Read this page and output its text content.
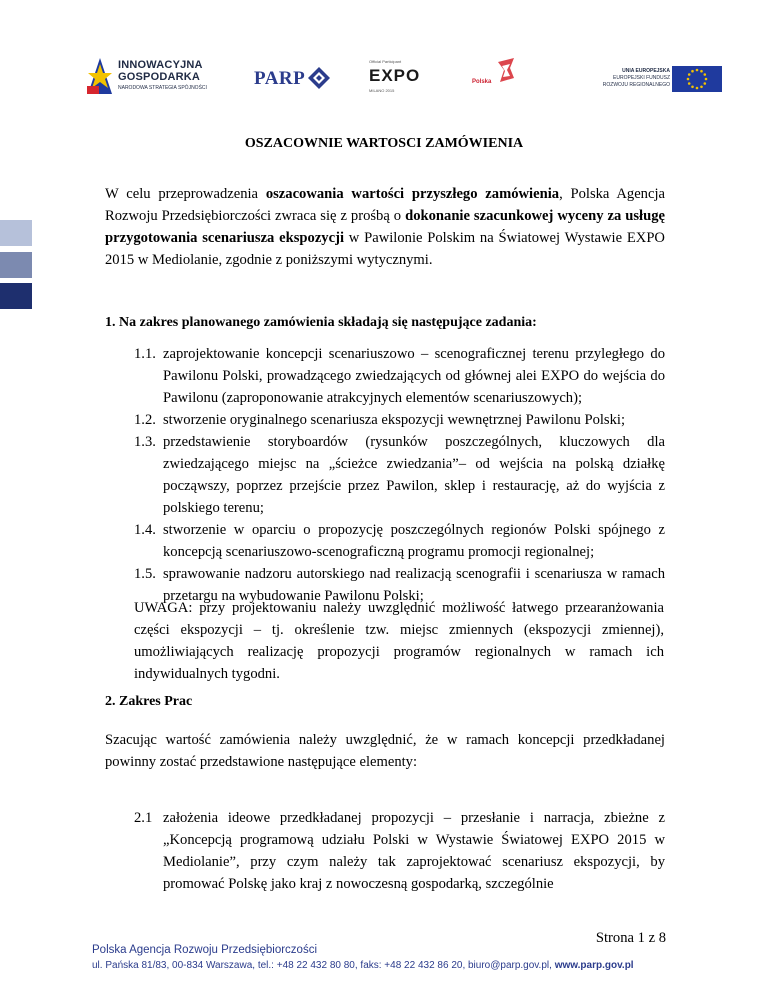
INNOWACYJNA
GOSPODARKA
NARODOWA STRATEGIA SPÓJNOŚCI PARP
Official Participant
EXPO
MILANO 2015
Polska
UNIA EUROPEJSKA
EUROPEJSKI FUNDUSZ
ROZWOJU REGIONALNEGO
OSZACOWNIE WARTOSCI ZAMÓWIENIA
W celu przeprowadzenia oszacowania wartości przyszłego zamówienia, Polska Agencja Rozwoju Przedsiębiorczości zwraca się z prośbą o dokonanie szacunkowej wyceny za usługę przygotowania scenariusza ekspozycji w Pawilonie Polskim na Światowej Wystawie EXPO 2015 w Mediolanie, zgodnie z poniższymi wytycznymi.
1. Na zakres planowanego zamówienia składają się następujące zadania:
1.1. zaprojektowanie koncepcji scenariuszowo – scenograficznej terenu przyległego do Pawilonu Polski, prowadzącego zwiedzających od głównej alei EXPO do wejścia do Pawilonu (zaproponowanie atrakcyjnych elementów scenariuszowych);
1.2. stworzenie oryginalnego scenariusza ekspozycji wewnętrznej Pawilonu Polski;
1.3. przedstawienie storyboardów (rysunków poszczególnych, kluczowych dla zwiedzającego miejsc na „ścieżce zwiedzania”– od wejścia na polską działkę począwszy, poprzez przejście przez Pawilon, sklep i restaurację, aż do wyjścia z polskiego terenu;
1.4. stworzenie w oparciu o propozycję poszczególnych regionów Polski spójnego z koncepcją scenariuszowo-scenograficzną programu promocji regionalnej;
1.5. sprawowanie nadzoru autorskiego nad realizacją scenografii i scenariusza w ramach przetargu na wybudowanie Pawilonu Polski;
UWAGA: przy projektowaniu należy uwzględnić możliwość łatwego przearanżowania części ekspozycji – tj. określenie tzw. miejsc zmiennych (ekspozycji zmiennej), umożliwiających realizację propozycji programów regionalnych w ramach ich indywidualnych tygodni.
2. Zakres Prac
Szacując wartość zamówienia należy uwzględnić, że w ramach koncepcji przedkładanej powinny zostać przedstawione następujące elementy:
2.1 założenia ideowe przedkładanej propozycji – przesłanie i narracja, zbieżne z „Koncepcją programową udziału Polski w Wystawie Światowej EXPO 2015 w Mediolanie”, przy czym należy tak zaprojektować scenariusz ekspozycji, by promować Polskę jako kraj z nowoczesną gospodarką, szczególnie
Strona 1 z 8
Polska Agencja Rozwoju Przedsiębiorczości
ul. Pańska 81/83, 00-834 Warszawa, tel.: +48 22 432 80 80, faks: +48 22 432 86 20, biuro@parp.gov.pl, www.parp.gov.pl
